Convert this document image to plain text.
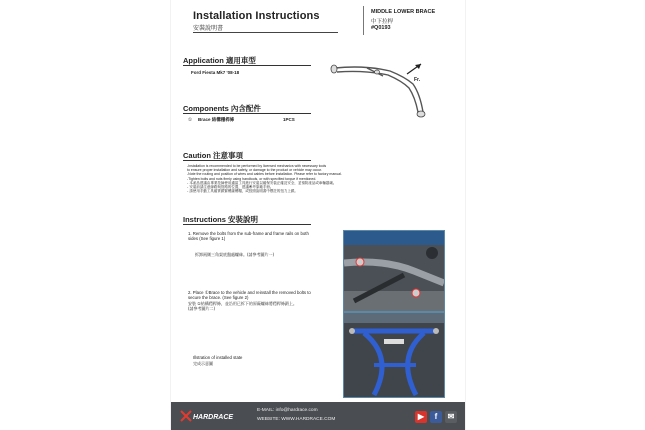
Installation Instructions
安裝說明書
MIDDLE LOWER BRACE
中下拉桿
#Q0193
Application 適用車型
Ford Fiesta Mk7 '08-18
Fr.
Components 內含配件
① Brace 結構穩桿條	1PCS
Caution 注意事項
-Installation is recommended to be performed by licensed mechanics with necessary tools
to ensure proper installation and safety, or damage to the product or vehicle may occur.
-Note the routing and position of wires and cables before installation. Please refer to factory manual.
-Tighten bolts and nuts firmly using handtools, or with specified torque if mentioned.
- 本產品建議由專業技師使用適當工具進行安裝以確保安裝正確及安全，並預防產品或車輛損壞。
- 安裝前請注意線路與管路的位置，建議參考原廠手冊。
- 請使用手動工具確實鎖緊螺絲螺帽，或按照說明書中標註的扭力上鎖。
Instructions 安裝說明
1. Remove the bolts from the sub-frame and frame rails on both
sides (See figure 1)
拆卸兩側三角架底盤處螺絲。(請參考圖片一)
2. Place ①Brace to the vehicle and reinstall the removed bolts to
secure the brace. (See figure 2)
安裝 ①結構穩桿條，並沿用已拆下的原廠螺絲將穩桿條鎖上。
(請參考圖片二)
Illstration of installed state
完成示意圖
HARDRACE
E-MAIL: info@hardrace.com
WEBSITE: WWW.HARDRACE.COM	▶	f	✉
